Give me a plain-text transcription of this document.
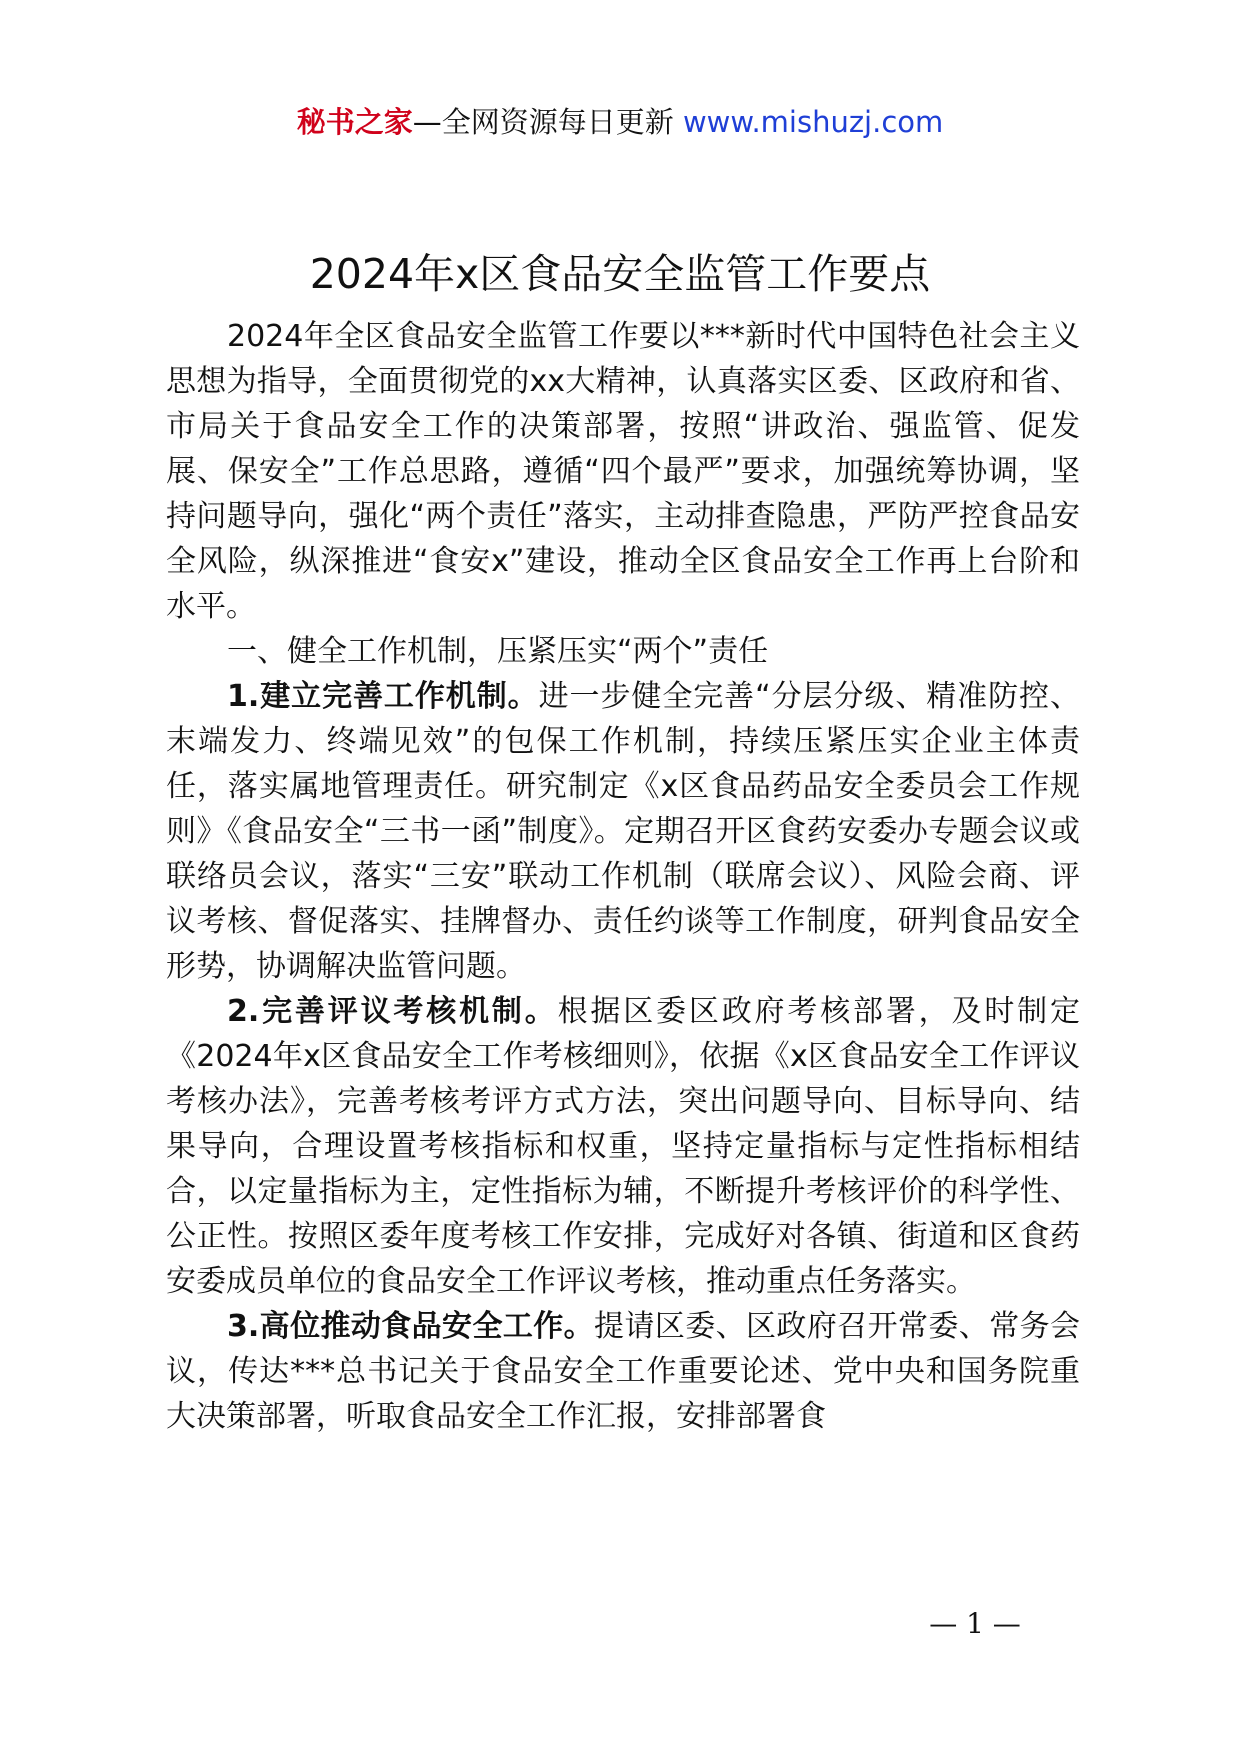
秘书之家—全网资源每日更新 www.mishuzj.com
2024年x区食品安全监管工作要点

2024年全区食品安全监管工作要以***新时代中国特色社会主义思想为指导，全面贯彻党的xx大精神，认真落实区委、区政府和省、市局关于食品安全工作的决策部署，按照“讲政治、强监管、促发展、保安全”工作总思路，遵循“四个最严”要求，加强统筹协调，坚持问题导向，强化“两个责任”落实，主动排查隐患，严防严控食品安全风险，纵深推进“食安x”建设，推动全区食品安全工作再上台阶和水平。

一、健全工作机制，压紧压实“两个”责任

1.建立完善工作机制。进一步健全完善“分层分级、精准防控、末端发力、终端见效”的包保工作机制，持续压紧压实企业主体责任，落实属地管理责任。研究制定《x区食品药品安全委员会工作规则》《食品安全“三书一函”制度》。定期召开区食药安委办专题会议或联络员会议，落实“三安”联动工作机制（联席会议）、风险会商、评议考核、督促落实、挂牌督办、责任约谈等工作制度，研判食品安全形势，协调解决监管问题。

2.完善评议考核机制。根据区委区政府考核部署，及时制定《2024年x区食品安全工作考核细则》，依据《x区食品安全工作评议考核办法》，完善考核考评方式方法，突出问题导向、目标导向、结果导向，合理设置考核指标和权重，坚持定量指标与定性指标相结合，以定量指标为主，定性指标为辅，不断提升考核评价的科学性、公正性。按照区委年度考核工作安排，完成好对各镇、街道和区食药安委成员单位的食品安全工作评议考核，推动重点任务落实。

3.高位推动食品安全工作。提请区委、区政府召开常委、常务会议，传达***总书记关于食品安全工作重要论述、党中央和国务院重大决策部署，听取食品安全工作汇报，安排部署食

— 1 —
